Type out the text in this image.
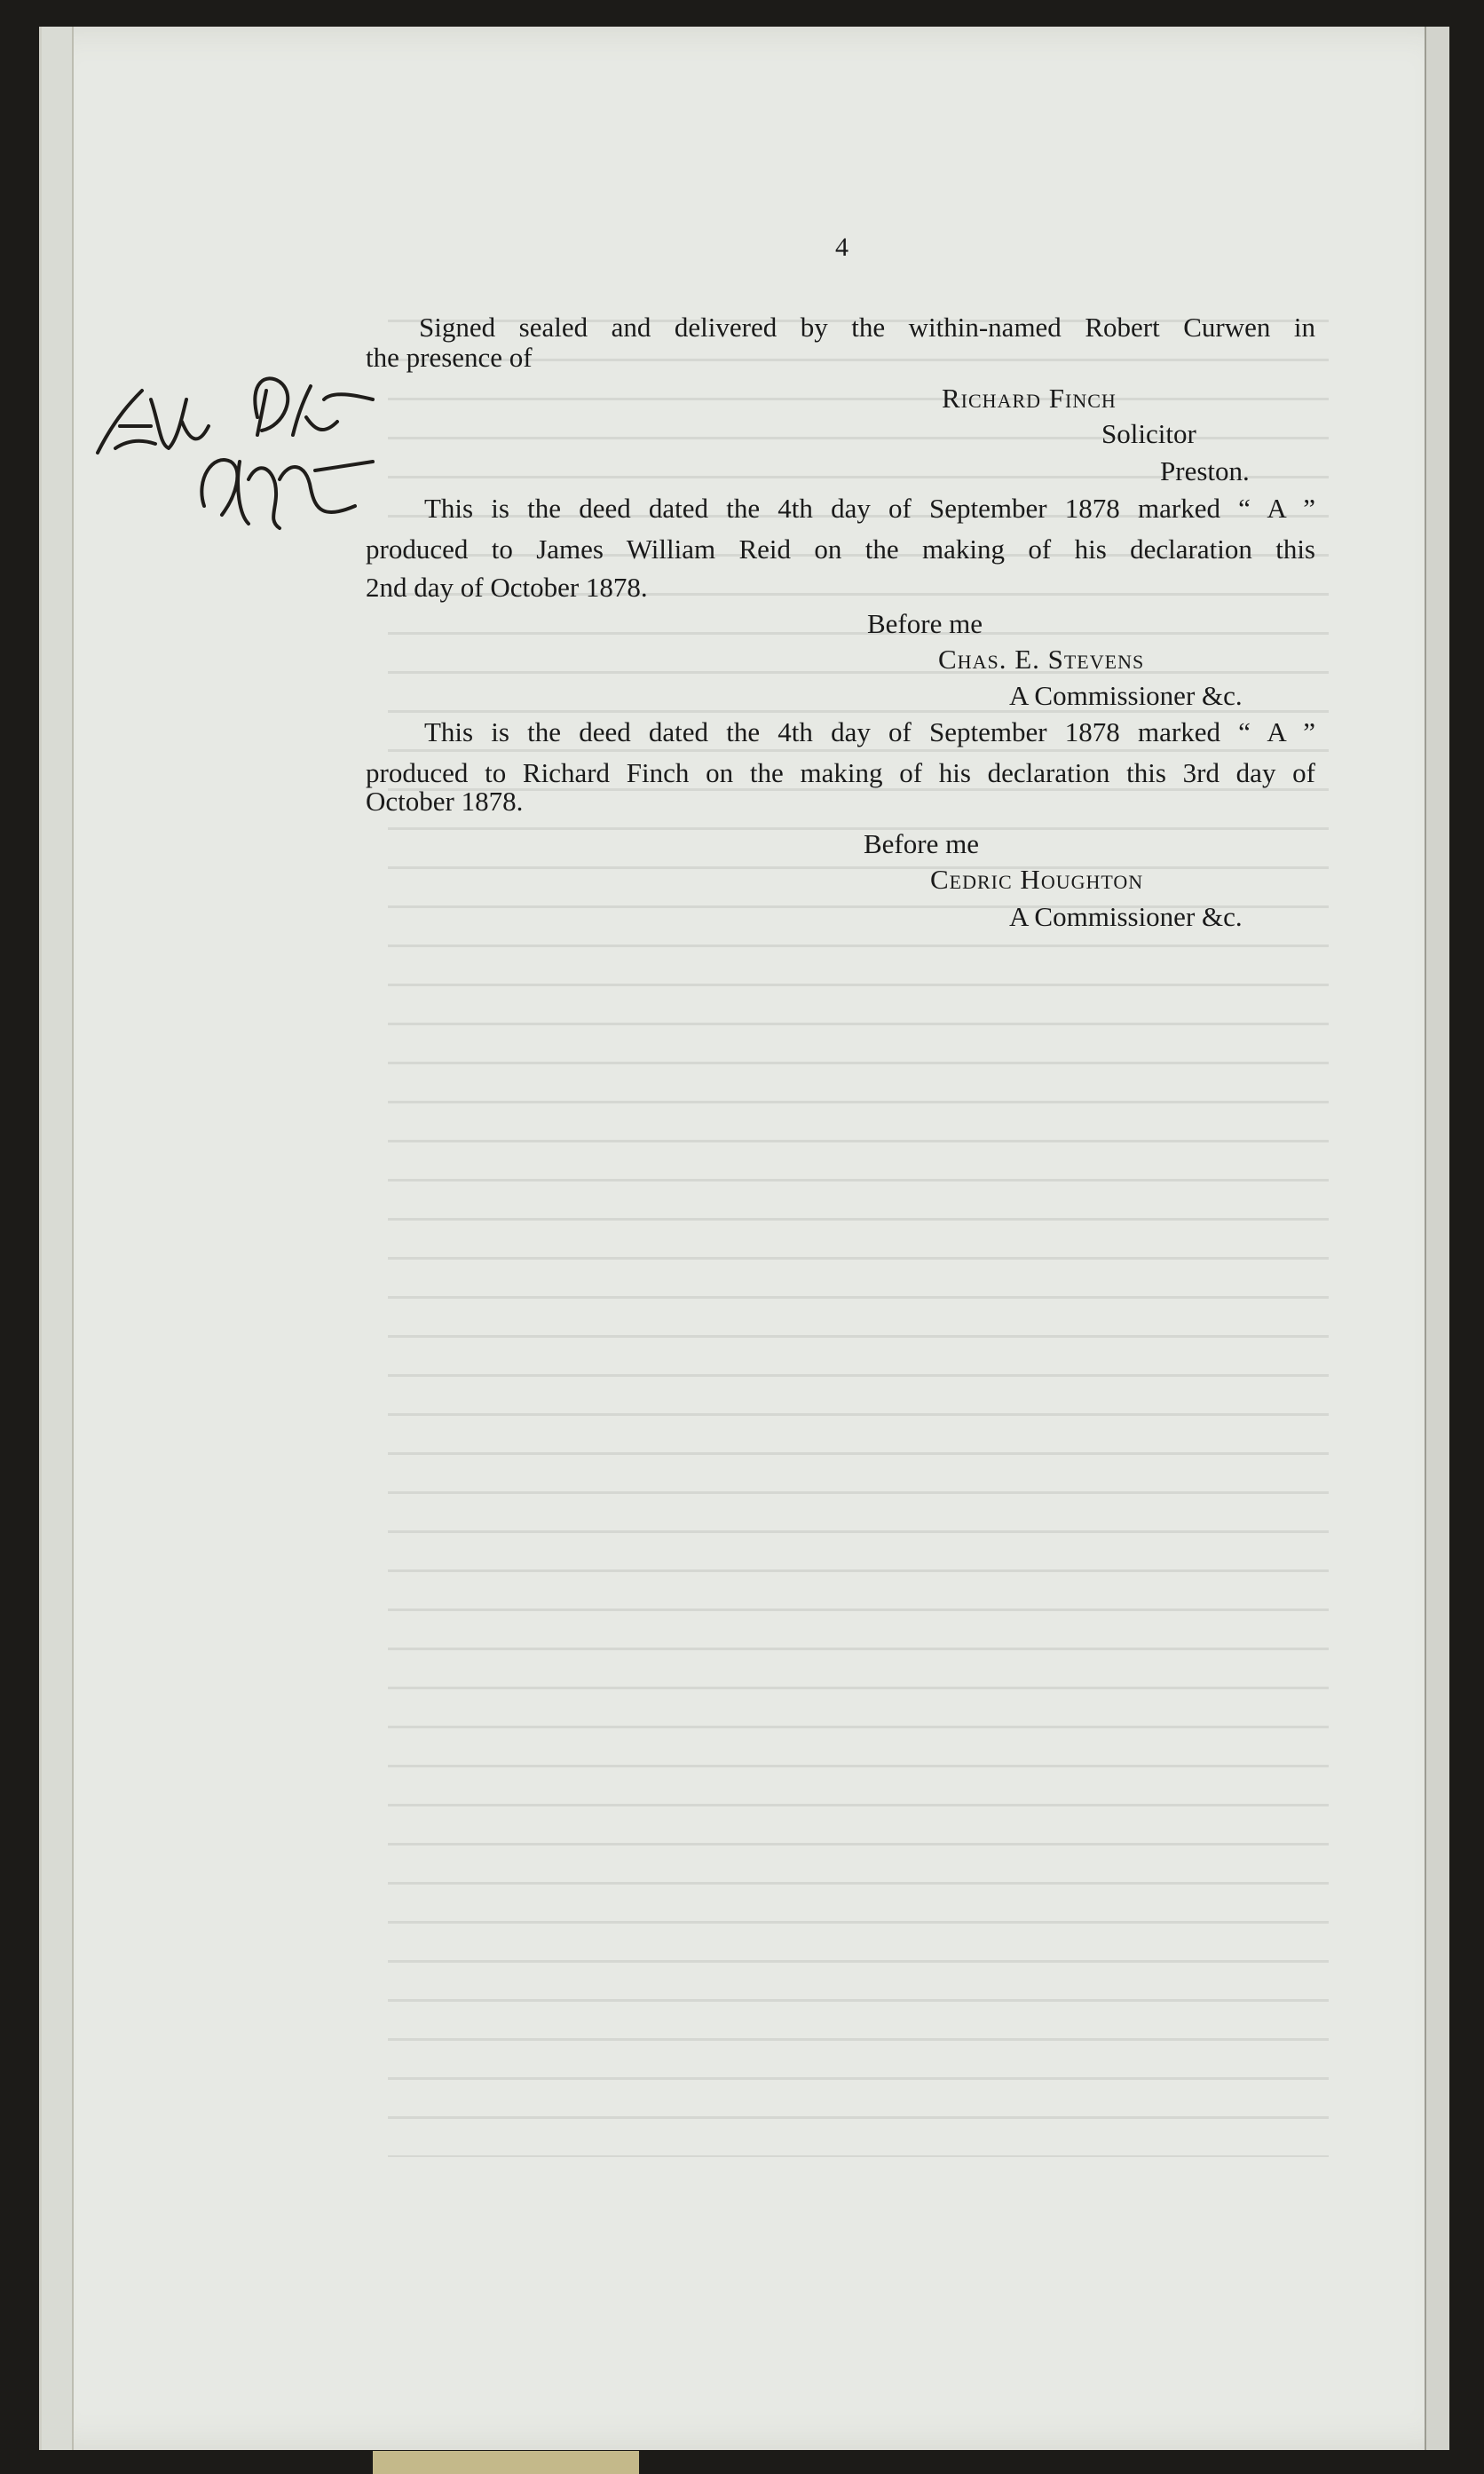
4
Signed sealed and delivered by the within-named Robert Curwen in
the presence of
Richard Finch
Solicitor
Preston.
This is the deed dated the 4th day of September 1878 marked “ A ”
produced to James William Reid on the making of his declaration this
2nd day of October 1878.
Before me
Chas. E. Stevens
A Commissioner &c.
This is the deed dated the 4th day of September 1878 marked “ A ”
produced to Richard Finch on the making of his declaration this 3rd day of
October 1878.
Before me
Cedric Houghton
A Commissioner &c.
